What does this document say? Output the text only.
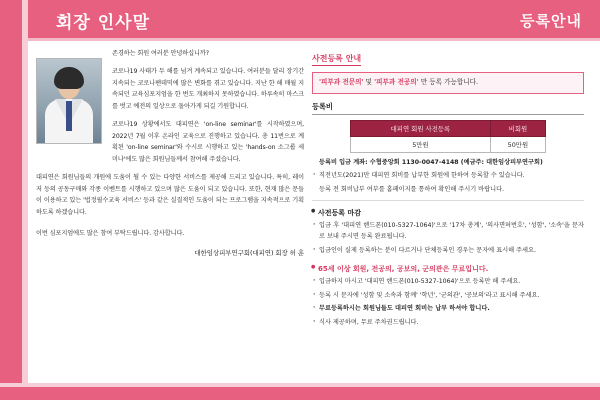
회장 인사말	등록안내

존경하는 회원 여러분 안녕하십니까?

코로나19 사태가 두 해를 넘겨 계속되고 있습니다. 여러분들 달리 장기간 지속되는 코로나팬데믹에 많은 변화를 겪고 있습니다. 지난 한 해 매월 지속되던 교육심포지엄을 한 번도 개최하지 못하였습니다. 하루속히 마스크를 벗고 예전의 일상으로 돌아가게 되길 기원합니다.

코로나19 상황에서도 대피연은 'on-line seminar'를 시작하였으며, 2022년 7월 이후 온라인 교육으로 진행하고 있습니다. 총 11번으로 계획된 'on-line seminar'와 수시로 시행하고 있는 'hands-on 소그룹 세미나'에도 많은 회원님들께서 참여해 주셨습니다.

대피연은 회원님들의 개원에 도움이 될 수 있는 다양한 서비스를 제공해 드리고 있습니다. 특히, 레이저 등의 공동구매와 각종 이벤트를 시행하고 있으며 많은 도움이 되고 있습니다. 또한, 현재 많은 문들이 이용하고 있는 '법정필수교육 서비스' 등과 같은 실질적인 도움이 되는 프로그램을 지속적으로 기획하도록 하겠습니다.

이번 심포지엄에도 많은 참여 부탁드립니다. 감사합니다.

대한임상피부연구회(대피연) 회장 허 훈
사전등록 안내
'피부과 전문의' 및 '피부과 전공의' 만 등록 가능합니다.
등록비
대피연 회원 사전등록	비회원
5만원	50만원
등록비 입금 계좌: 수협중앙회 1130-0047-4148 (예금주: 대한임상피부연구회)
· 직전년도(2021)만 대피연 회비를 납부한 회원에 한하여 등록할 수 있습니다.
등록 전 회비납부 여부를 홈페이지를 통하여 확인해 주시기 바랍니다.
● 사전등록 마감
· 입금 후 '대피연 핸드폰(010-5327-1064)'으로 '17차 총계', '의사면허번호', '성함', '소속'을 문자로 보내 주시면 등록 완료됩니다.
· 입금인이 실제 등록하는 분이 다르거나 단체등록인 경우는 문자에 표시해 주세요.
● 65세 이상 회원, 전공의, 공보의, 군의관은 무료입니다.
· 입금하지 마시고 '대피연 핸드폰(010-5327-1064)'으로 등록만 해 주세요.
· 등록 시 문자에 '성함 및 소속과 함께' '학년', '군의관', '공보의'라고 표시해 주세요.
· 무료등록하시는 회원님들도 대피연 회비는 납부 하셔야 합니다.
· 식사 제공하며, 무료 주차권드립니다.
